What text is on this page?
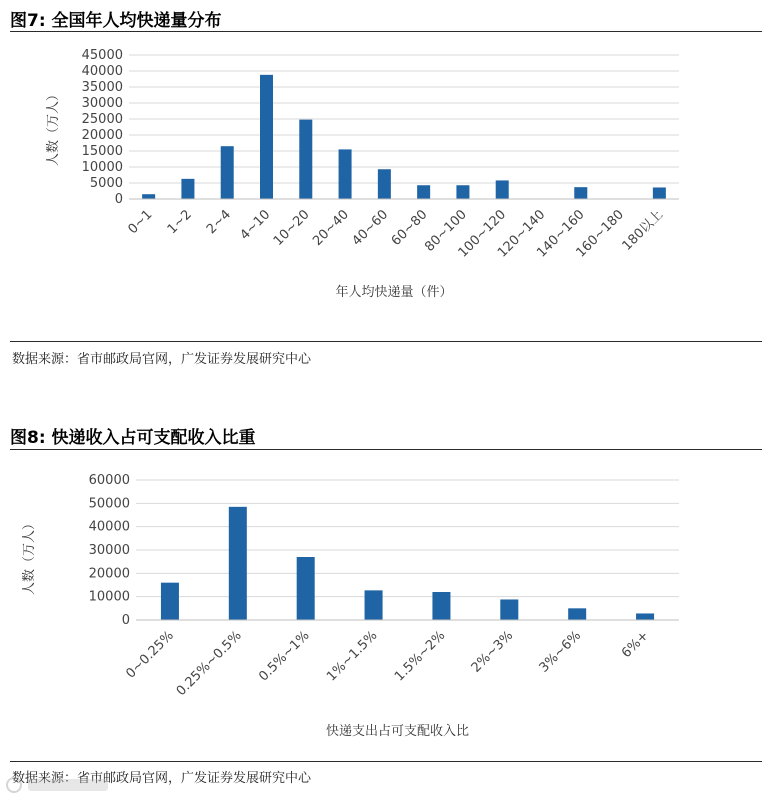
图7: 全国年人均快递量分布
0
5000
10000
15000
20000
25000
30000
35000
40000
45000
0~1 1~2 2~4 4~10
10~20
20~40
40~60
60~80
80~100
100~120
120~140
140~160
160~180
180以上
年人均快递量（件）
人数（万人）
数据来源：省市邮政局官网，广发证券发展研究中心
图8: 快递收入占可支配收入比重
0
10000
20000
30000
40000
50000
60000
0~0.25%
0.25%~0.5% 0.5%~1% 1%~1.5% 1.5%~2% 2%~3% 3%~6%	6%+
快递支出占可支配收入比
人数（万人）
数据来源：省市邮政局官网，广发证券发展研究中心
